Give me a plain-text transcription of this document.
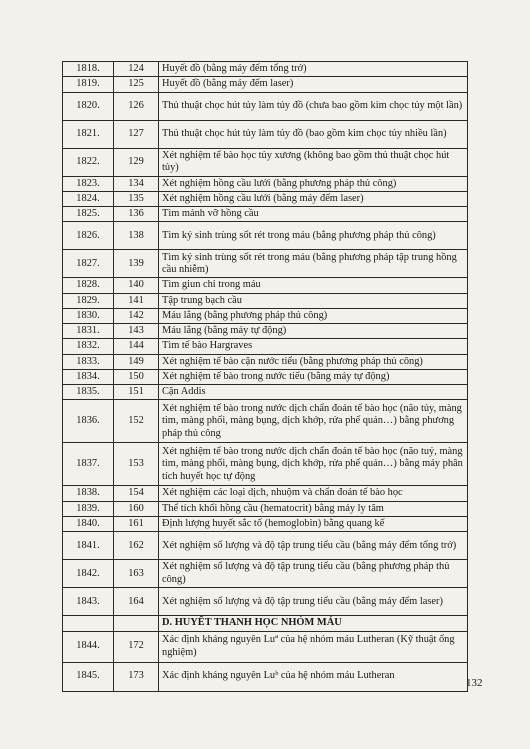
1818.	124	Huyết đồ (bằng máy đếm tổng trở)
1819.	125	Huyết đồ (bằng máy đếm laser)
1820.	126	Thủ thuật chọc hút tủy làm tủy đồ (chưa bao gồm kim chọc tủy một lần)
1821.	127	Thủ thuật chọc hút tủy làm tủy đồ (bao gồm kim chọc tủy nhiều lần)
1822.	129	Xét nghiệm tế bào học tủy xương (không bao gồm thủ thuật chọc hút tủy)
1823.	134	Xét nghiệm hồng cầu lưới (bằng phương pháp thủ công)
1824.	135	Xét nghiệm hồng cầu lưới (bằng máy đếm laser)
1825.	136	Tìm mảnh vỡ hồng cầu
1826.	138	Tìm ký sinh trùng sốt rét trong máu (bằng phương pháp thủ công)
1827.	139	Tìm ký sinh trùng sốt rét trong máu (bằng phương pháp tập trung hồng cầu nhiễm)
1828.	140	Tìm giun chỉ trong máu
1829.	141	Tập trung bạch cầu
1830.	142	Máu lắng (bằng phương pháp thủ công)
1831.	143	Máu lắng (bằng máy tự động)
1832.	144	Tìm tế bào Hargraves
1833.	149	Xét nghiệm tế bào cặn nước tiểu (bằng phương pháp thủ công)
1834.	150	Xét nghiệm tế bào trong nước tiểu (bằng máy tự động)
1835.	151	Cặn Addis
1836.	152	Xét nghiệm tế bào trong nước dịch chẩn đoán tế bào học (não tủy, màng tim, màng phổi, màng bụng, dịch khớp, rửa phế quản…) bằng phương pháp thủ công
1837.	153	Xét nghiệm tế bào trong nước dịch chẩn đoán tế bào học (não tuỷ, màng tim, màng phổi, màng bụng, dịch khớp, rửa phế quản…) bằng máy phân tích huyết học tự động
1838.	154	Xét nghiệm các loại dịch, nhuộm và chẩn đoán tế bào học
1839.	160	Thể tích khối hồng cầu (hematocrit) bằng máy ly tâm
1840.	161	Định lượng huyết sắc tố (hemoglobin) bằng quang kế
1841.	162	Xét nghiệm số lượng và độ tập trung tiểu cầu (bằng máy đếm tổng trở)
1842.	163	Xét nghiệm số lượng và độ tập trung tiểu cầu (bằng phương pháp thủ công)
1843.	164	Xét nghiệm số lượng và độ tập trung tiểu cầu (bằng máy đếm laser)
		D. HUYẾT THANH HỌC NHÓM MÁU
1844.	172	Xác định kháng nguyên Luª của hệ nhóm máu Lutheran (Kỹ thuật ống nghiệm)
1845.	173	Xác định kháng nguyên Luᵇ của hệ nhóm máu Lutheran
132
